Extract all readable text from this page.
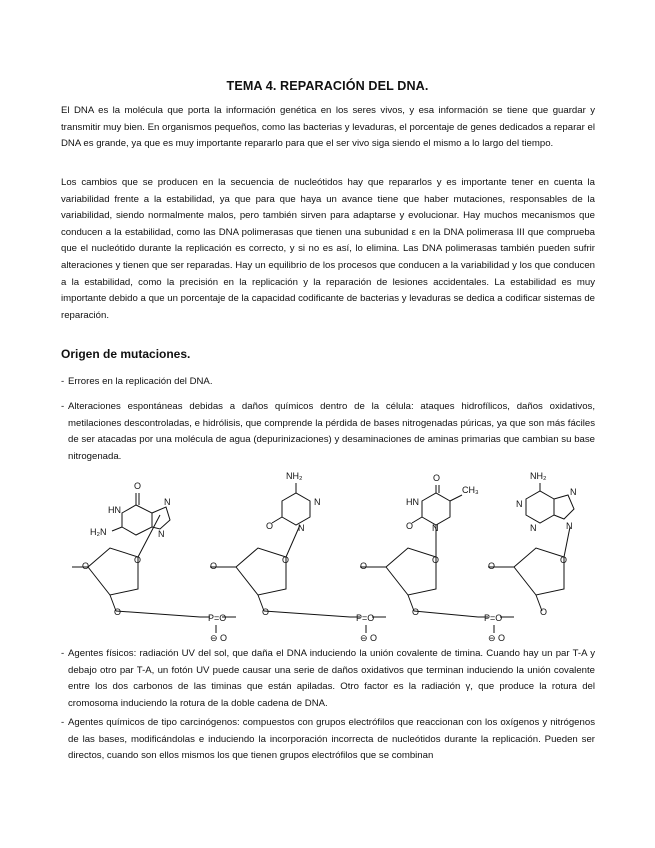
TEMA 4. REPARACIÓN DEL DNA.

El DNA es la molécula que porta la información genética en los seres vivos, y esa información se tiene que guardar y transmitir muy bien. En organismos pequeños, como las bacterias y levaduras, el porcentaje de genes dedicados a reparar el DNA es grande, ya que es muy importante repararlo para que el ser vivo siga siendo el mismo a lo largo del tiempo.

Los cambios que se producen en la secuencia de nucleótidos hay que repararlos y es importante tener en cuenta la variabilidad frente a la estabilidad, ya que para que haya un avance tiene que haber mutaciones, responsables de la variabilidad, siendo normalmente malos, pero también sirven para adaptarse y evolucionar. Hay muchos mecanismos que conducen a la estabilidad, como las DNA polimerasas que tienen una subunidad ε en la DNA polimerasa III que comprueba que el nucleótido durante la replicación es correcto, y si no es así, lo elimina. Las DNA polimerasas también pueden sufrir alteraciones y tienen que ser reparadas. Hay un equilibrio de los procesos que conducen a la variabilidad y los que conducen a la estabilidad, como la precisión en la replicación y la reparación de lesiones accidentales. La estabilidad es muy importante debido a que un porcentaje de la capacidad codificante de bacterias y levaduras se dedica a codificar sistemas de reparación.

Origen de mutaciones.
- Errores en la replicación del DNA.
- Alteraciones espontáneas debidas a daños químicos dentro de la célula: ataques hidrofílicos, daños oxidativos, metilaciones descontroladas, e hidrólisis, que comprende la pérdida de bases nitrogenadas púricas, ya que son más fáciles de ser atacadas por una molécula de agua (depurinizaciones) y desaminaciones de aminas primarias que cambian su base nitrogenada.
O
HN
H₂N
N
N
O
O
O
P=O
⊖ O
O
NH₂
N
O	N
O
O
P=O
⊖ O
O
O
CH₃
HN
O N
O
O
P=O
⊖ O
O
NH₂
N
N
N
N
O
O
- Agentes físicos: radiación UV del sol, que daña el DNA induciendo la unión covalente de timina. Cuando hay un par T-A y debajo otro par T-A, un fotón UV puede causar una serie de daños oxidativos que terminan induciendo la unión covalente entre los dos carbonos de las timinas que están apiladas. Otro factor es la radiación γ, que produce la rotura del cromosoma induciendo la rotura de la doble cadena de DNA.
- Agentes químicos de tipo carcinógenos: compuestos con grupos electrófilos que reaccionan con los oxígenos y nitrógenos de las bases, modificándolas e induciendo la incorporación incorrecta de nucleótidos durante la replicación. Pueden ser directos, cuando son ellos mismos los que tienen grupos electrófilos que se combinan
